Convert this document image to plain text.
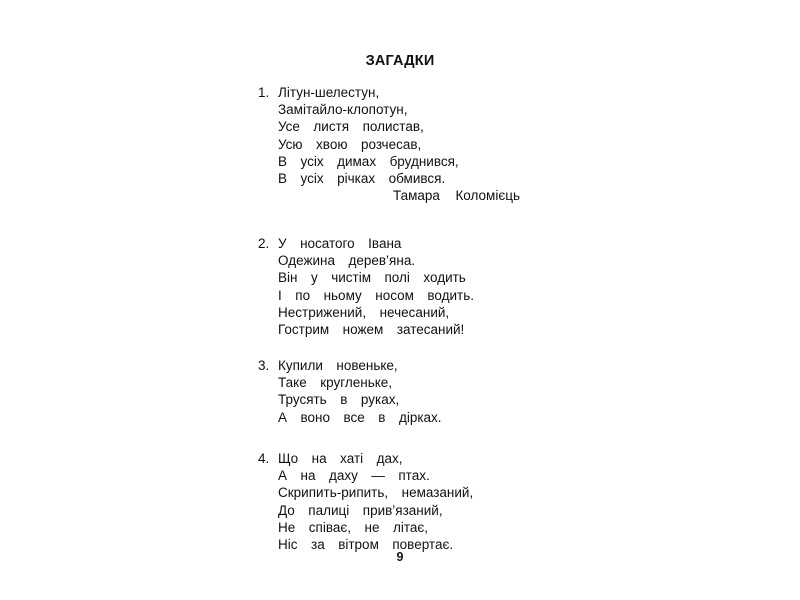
ЗАГАДКИ
1. Літун-шелестун,
Замітайло-клопотун,
Усе  листя  полистав,
Усю  хвою  розчесав,
В  усіх  димах  бруднився,
В  усіх  річках  обмився.
Тамара  Коломієць
2. У  носатого  Івана
Одежина  дерев’яна.
Він  у  чистім  полі  ходить
І  по  ньому  носом  водить.
Нестрижений,  нечесаний,
Гострим  ножем  затесаний!
3. Купили  новеньке,
Таке  кругленьке,
Трусять  в  руках,
А  воно  все  в  дірках.
4. Що  на  хаті  дах,
А  на  даху  —  птах.
Скрипить-рипить,  немазаний,
До  палиці  прив’язаний,
Не  співає,  не  літає,
Ніс  за  вітром  повертає.
9
